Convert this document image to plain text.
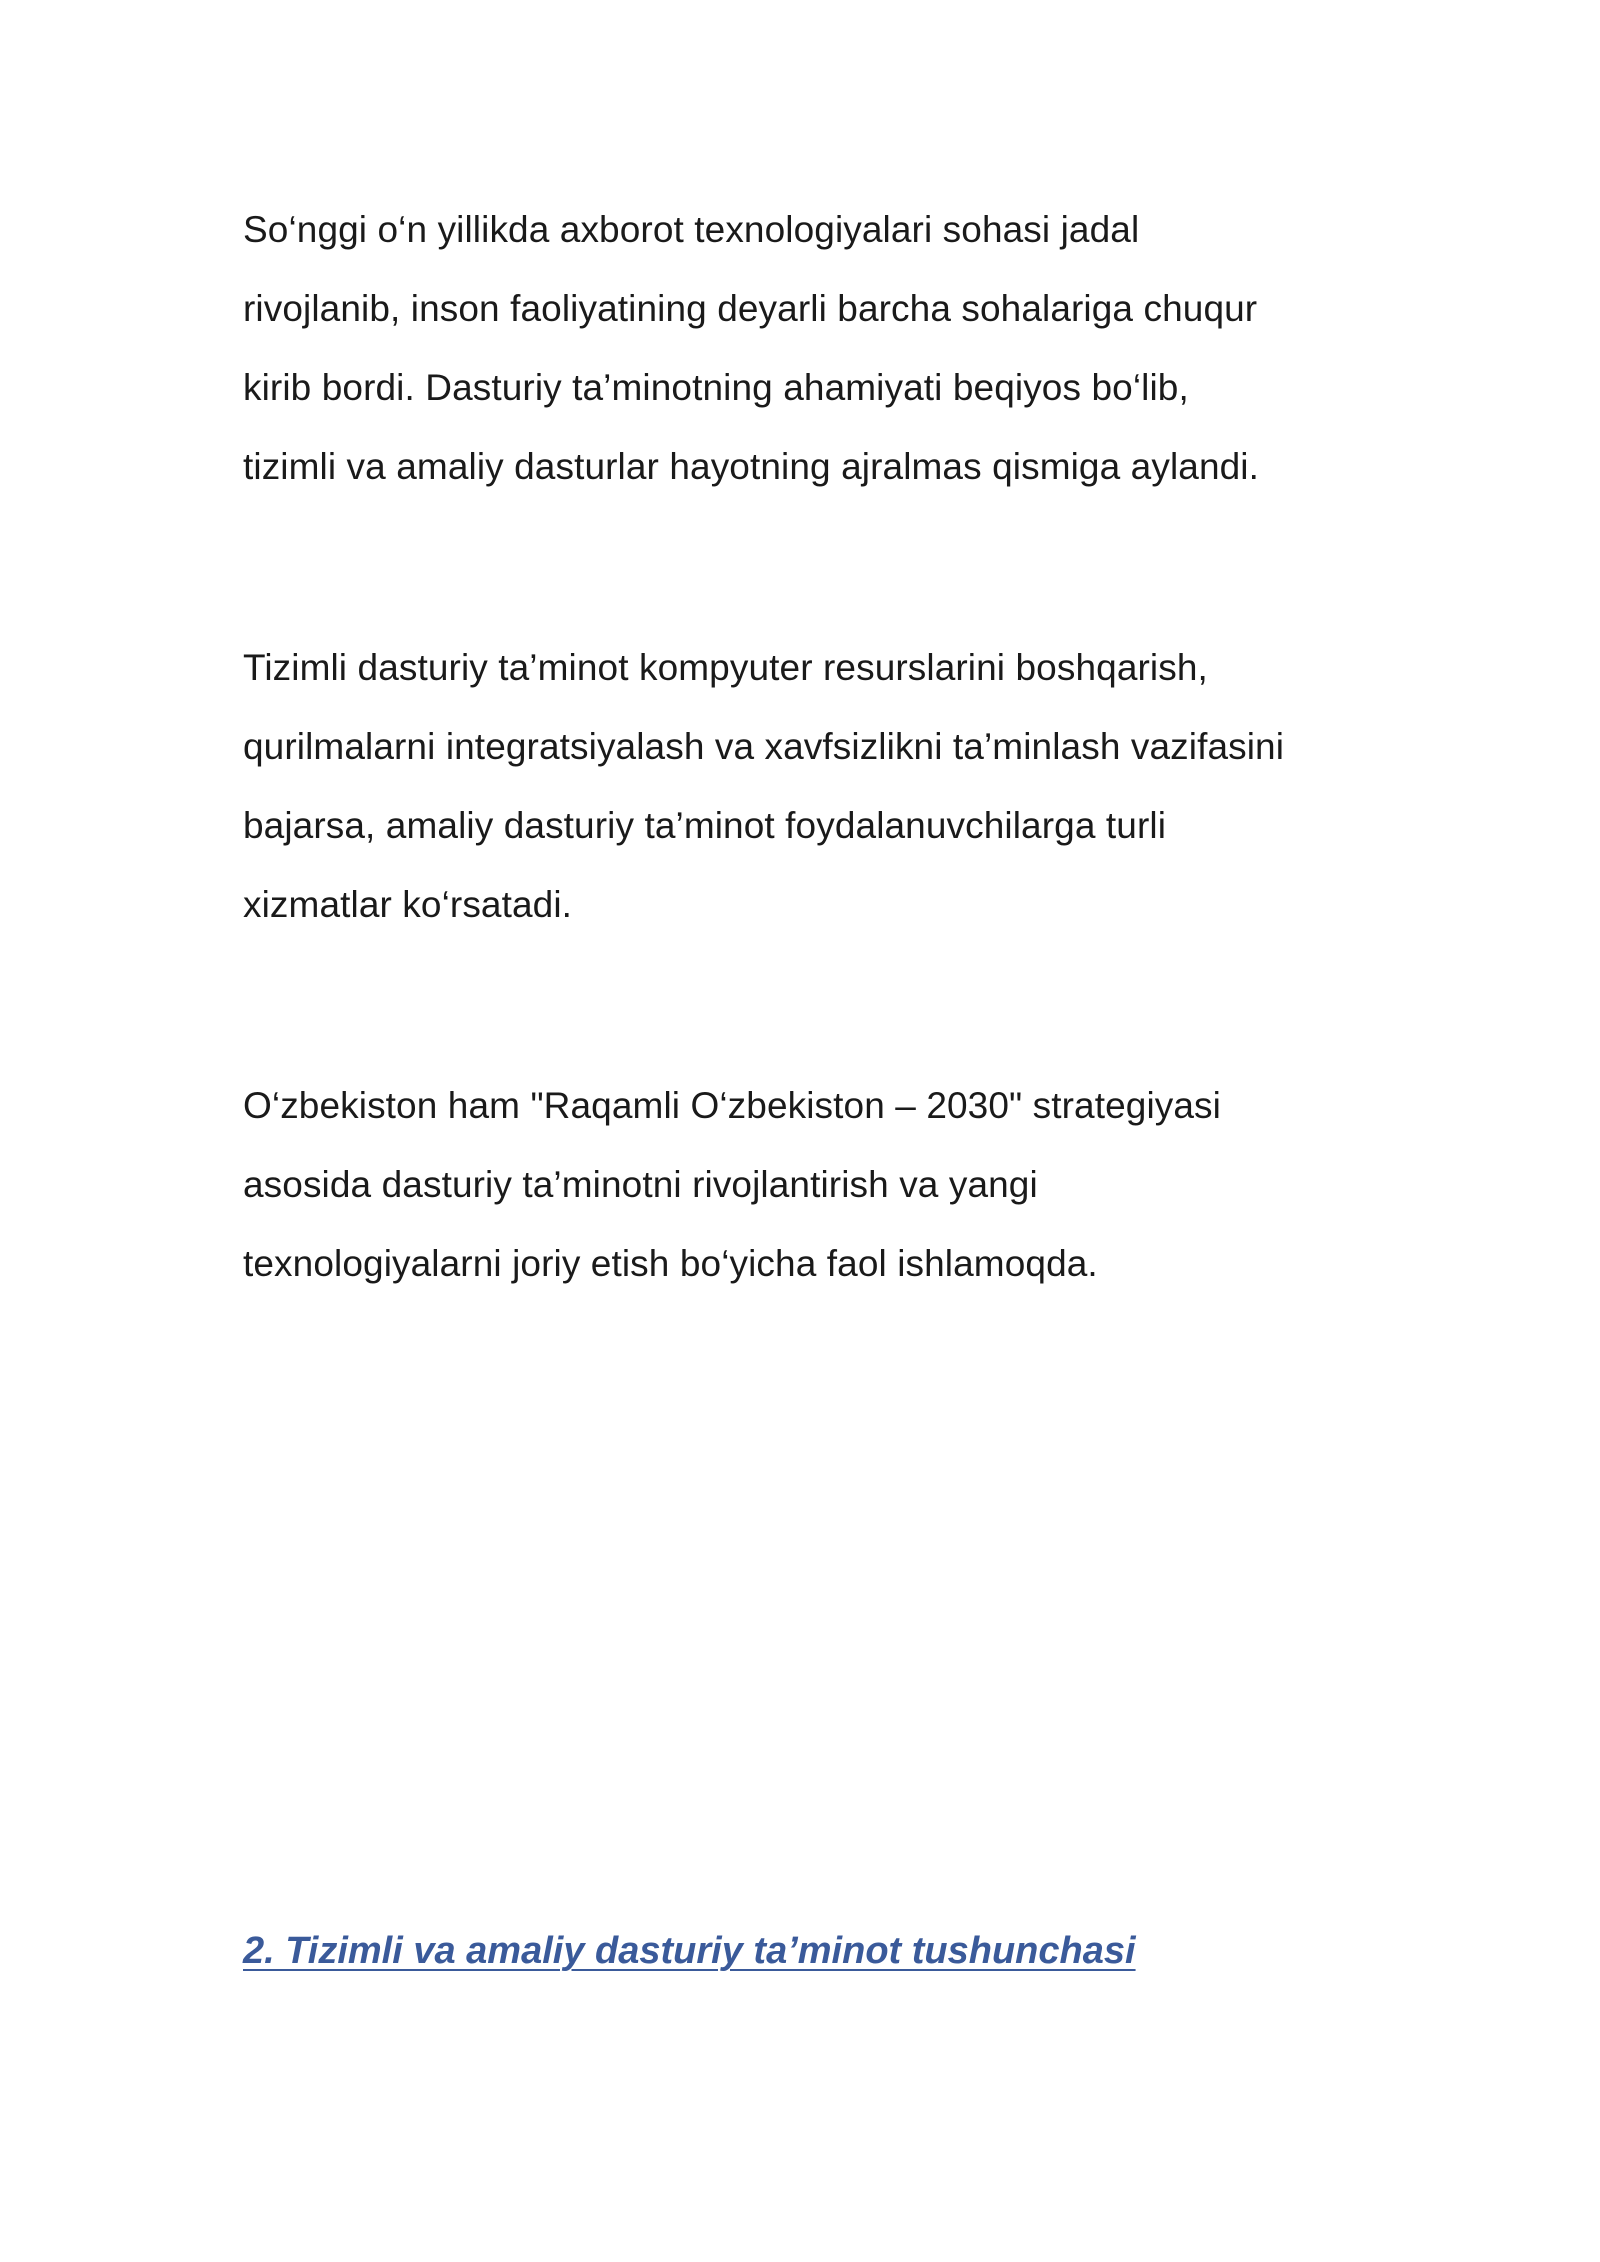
So‘nggi o‘n yillikda axborot texnologiyalari sohasi jadal
rivojlanib, inson faoliyatining deyarli barcha sohalariga chuqur
kirib bordi. Dasturiy ta’minotning ahamiyati beqiyos bo‘lib,
tizimli va amaliy dasturlar hayotning ajralmas qismiga aylandi.

Tizimli dasturiy ta’minot kompyuter resurslarini boshqarish,
qurilmalarni integratsiyalash va xavfsizlikni ta’minlash vazifasini
bajarsa, amaliy dasturiy ta’minot foydalanuvchilarga turli
xizmatlar ko‘rsatadi.

O‘zbekiston ham "Raqamli O‘zbekiston – 2030" strategiyasi
asosida dasturiy ta’minotni rivojlantirish va yangi
texnologiyalarni joriy etish bo‘yicha faol ishlamoqda.

2. Tizimli va amaliy dasturiy ta’minot tushunchasi
